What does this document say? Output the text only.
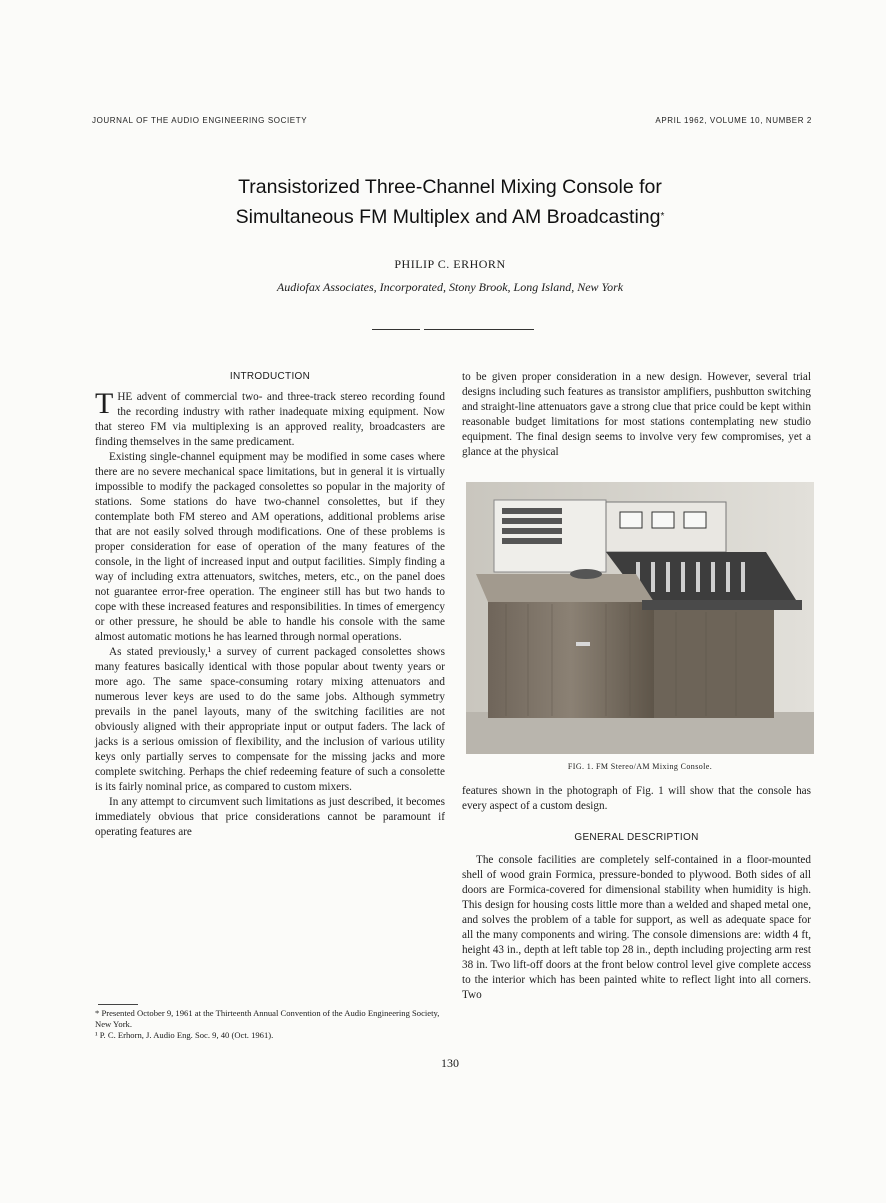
JOURNAL OF THE AUDIO ENGINEERING SOCIETY	APRIL 1962, VOLUME 10, NUMBER 2
Transistorized Three-Channel Mixing Console for
Simultaneous FM Multiplex and AM Broadcasting*
PHILIP C. ERHORN
Audiofax Associates, Incorporated, Stony Brook, Long Island, New York
INTRODUCTION

THE advent of commercial two- and three-track stereo recording found the recording industry with rather inadequate mixing equipment. Now that stereo FM via multiplexing is an approved reality, broadcasters are finding themselves in the same predicament.

Existing single-channel equipment may be modified in some cases where there are no severe mechanical space limitations, but in general it is virtually impossible to modify the packaged consolettes so popular in the majority of stations. Some stations do have two-channel consolettes, but if they contemplate both FM stereo and AM operations, additional problems arise that are not easily solved through modifications. One of these problems is proper consideration for ease of operation of the many features of the console, in the light of increased input and output facilities. Simply finding a way of including extra attenuators, switches, meters, etc., on the panel does not guarantee error-free operation. The engineer still has but two hands to cope with these increased features and responsibilities. In times of emergency or other pressure, he should be able to handle his console with the same almost automatic motions he has learned through normal operations.

As stated previously,¹ a survey of current packaged consolettes shows many features basically identical with those popular about twenty years or more ago. The same space-consuming rotary mixing attenuators and numerous lever keys are used to do the same jobs. Although symmetry prevails in the panel layouts, many of the switching facilities are not obviously aligned with their appropriate input or output faders. The lack of jacks is a serious omission of flexibility, and the inclusion of various utility keys only partially serves to compensate for the missing jacks and more complete switching. Perhaps the chief redeeming feature of such a consolette is its fairly nominal price, as compared to custom mixers.

In any attempt to circumvent such limitations as just described, it becomes immediately obvious that price considerations cannot be paramount if operating features are

to be given proper consideration in a new design. However, several trial designs including such features as transistor amplifiers, pushbutton switching and straight-line attenuators gave a strong clue that price could be kept within reasonable budget limitations for most stations contemplating new studio equipment. The final design seems to involve very few compromises, yet a glance at the physical

FIG. 1. FM Stereo/AM Mixing Console.

features shown in the photograph of Fig. 1 will show that the console has every aspect of a custom design.

GENERAL DESCRIPTION

The console facilities are completely self-contained in a floor-mounted shell of wood grain Formica, pressure-bonded to plywood. Both sides of all doors are Formica-covered for dimensional stability when humidity is high. This design for housing costs little more than a welded and shaped metal one, and solves the problem of a table for support, as well as adequate space for all the many components and wiring. The console dimensions are: width 4 ft, height 43 in., depth at left table top 28 in., depth including projecting arm rest 38 in. Two lift-off doors at the front below control level give complete access to the interior which has been painted white to reflect light into all corners. Two

* Presented October 9, 1961 at the Thirteenth Annual Convention of the Audio Engineering Society, New York.
¹ P. C. Erhorn, J. Audio Eng. Soc. 9, 40 (Oct. 1961).
130
